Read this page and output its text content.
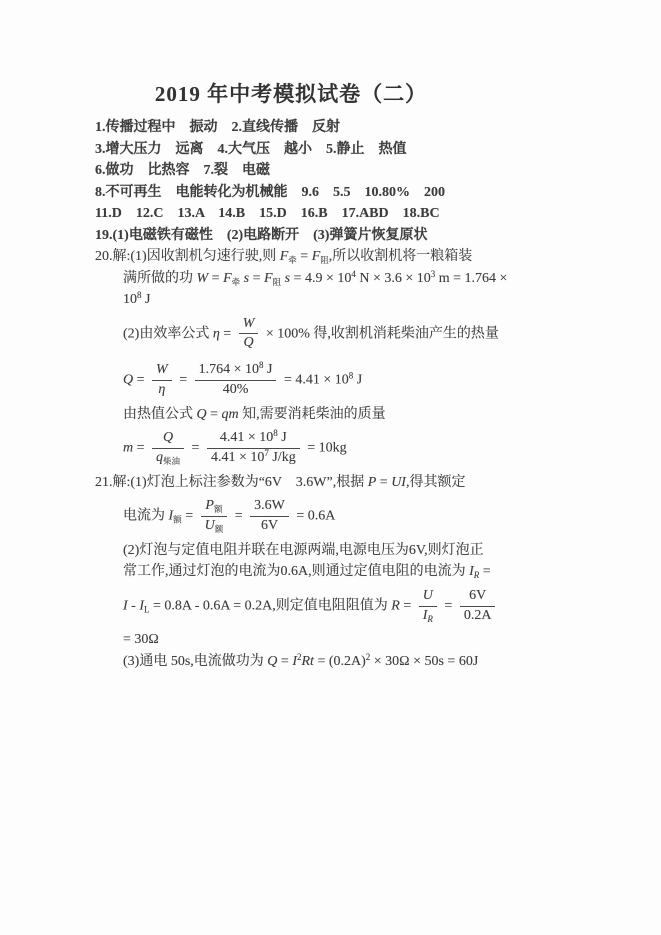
2019 年中考模拟试卷（二）
1.传播过程中　振动　2.直线传播　反射
3.增大压力　远离　4.大气压　越小　5.静止　热值
6.做功　比热容　7.裂　电磁
8.不可再生　电能转化为机械能　9.6　5.5　10.80%　200
11.D　12.C　13.A　14.B　15.D　16.B　17.ABD　18.BC
19.(1)电磁铁有磁性　(2)电路断开　(3)弹簧片恢复原状
20.解:(1)因收割机匀速行驶,则 $F_牵 = F_阻$,所以收割机将一粮箱装
满所做的功 $W = F_牵$ $s = F_阻$ $s = 4.9 \times 10^4$ $N \times 3.6 \times 10^3$ m = 1.764 ×
$10^8$ J
(2)由效率公式 $\eta = \frac{W}{Q} \times 100\%$ 得,收割机消耗柴油产生的热量
$Q = \frac{W}{\eta} = \frac{1.764 \times 10^8 J}{40\%} = 4.41 \times 10^8$ J
由热值公式 Q = qm 知,需要消耗柴油的质量
$m = \frac{Q}{q_{柴油}} = \frac{4.41 \times 10^8 J}{4.41 \times 10^7 J/kg} = 10kg$
21.解:(1)灯泡上标注参数为“6V　3.6W”,根据 P = UI,得其额定
电流为 $I_额 = \frac{P_额}{U_额} = \frac{3.6W}{6V} = 0.6A$
(2)灯泡与定值电阻并联在电源两端,电源电压为6V,则灯泡正
常工作,通过灯泡的电流为0.6A,则通过定值电阻的电流为 $I_R$ =
$I - I_L = 0.8A - 0.6A = 0.2A$,则定值电阻阻值为 $R = \frac{U}{I_R} = \frac{6V}{0.2A}$
= 30Ω
(3)通电 50s,电流做功为 $Q = I^2Rt = (0.2A)^2 \times 30\Omega \times 50s = 60J$
